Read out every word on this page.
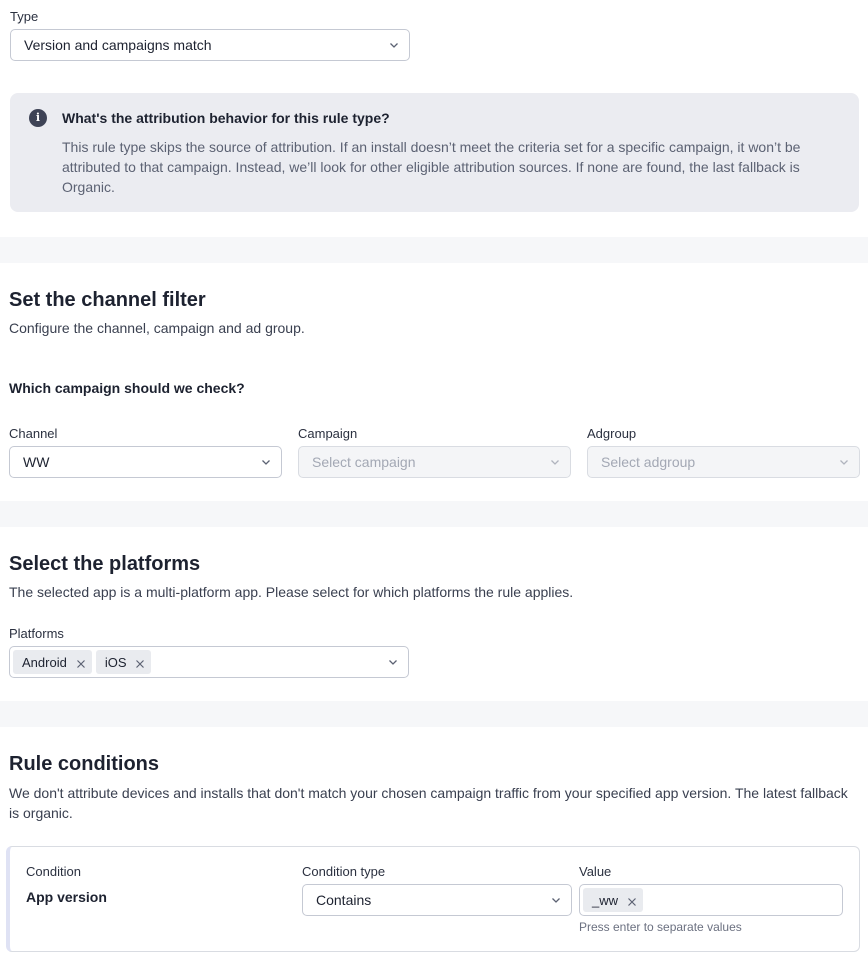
Type
Version and campaigns match
i	What's the attribution behavior for this rule type?
This rule type skips the source of attribution. If an install doesn’t meet the criteria set for a specific campaign, it won’t be attributed to that campaign. Instead, we’ll look for other eligible attribution sources. If none are found, the last fallback is Organic.
Set the channel filter
Configure the channel, campaign and ad group.
Which campaign should we check?
Channel
WW
Campaign
Select campaign
Adgroup
Select adgroup
Select the platforms
The selected app is a multi-platform app. Please select for which platforms the rule applies.
Platforms
Android	iOS
Rule conditions
We don't attribute devices and installs that don't match your chosen campaign traffic from your specified app version. The latest fallback is organic.
Condition
App version
Condition type
Contains
Value
_ww
Press enter to separate values
